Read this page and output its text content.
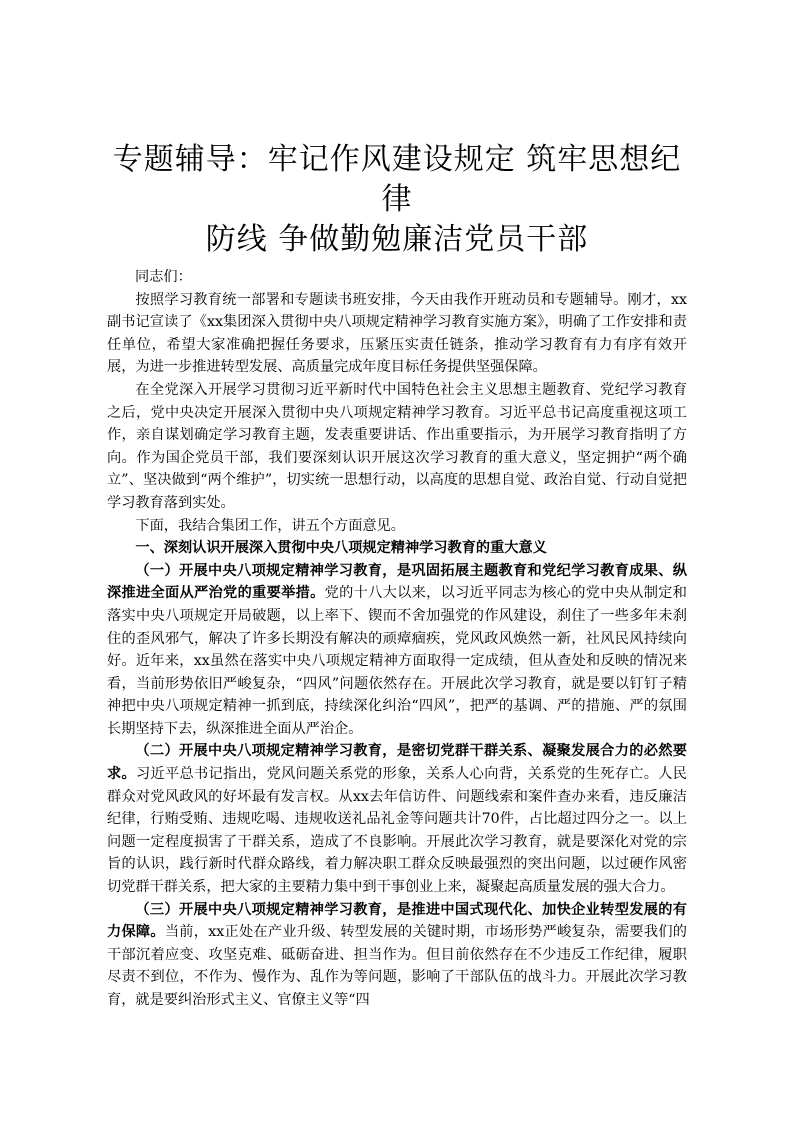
专题辅导：牢记作风建设规定 筑牢思想纪律
防线 争做勤勉廉洁党员干部

同志们：

按照学习教育统一部署和专题读书班安排，今天由我作开班动员和专题辅导。刚才，xx副书记宣读了《xx集团深入贯彻中央八项规定精神学习教育实施方案》，明确了工作安排和责任单位，希望大家准确把握任务要求，压紧压实责任链条，推动学习教育有力有序有效开展，为进一步推进转型发展、高质量完成年度目标任务提供坚强保障。

在全党深入开展学习贯彻习近平新时代中国特色社会主义思想主题教育、党纪学习教育之后，党中央决定开展深入贯彻中央八项规定精神学习教育。习近平总书记高度重视这项工作，亲自谋划确定学习教育主题，发表重要讲话、作出重要指示，为开展学习教育指明了方向。作为国企党员干部，我们要深刻认识开展这次学习教育的重大意义，坚定拥护“两个确立”、坚决做到“两个维护”，切实统一思想行动，以高度的思想自觉、政治自觉、行动自觉把学习教育落到实处。

下面，我结合集团工作，讲五个方面意见。

一、深刻认识开展深入贯彻中央八项规定精神学习教育的重大意义

（一）开展中央八项规定精神学习教育，是巩固拓展主题教育和党纪学习教育成果、纵深推进全面从严治党的重要举措。党的十八大以来，以习近平同志为核心的党中央从制定和落实中央八项规定开局破题，以上率下、锲而不舍加强党的作风建设，刹住了一些多年未刹住的歪风邪气，解决了许多长期没有解决的顽瘴痼疾，党风政风焕然一新，社风民风持续向好。近年来，xx虽然在落实中央八项规定精神方面取得一定成绩，但从查处和反映的情况来看，当前形势依旧严峻复杂，“四风”问题依然存在。开展此次学习教育，就是要以钉钉子精神把中央八项规定精神一抓到底，持续深化纠治“四风”，把严的基调、严的措施、严的氛围长期坚持下去，纵深推进全面从严治企。

（二）开展中央八项规定精神学习教育，是密切党群干群关系、凝聚发展合力的必然要求。习近平总书记指出，党风问题关系党的形象，关系人心向背，关系党的生死存亡。人民群众对党风政风的好坏最有发言权。从xx去年信访件、问题线索和案件查办来看，违反廉洁纪律，行贿受贿、违规吃喝、违规收送礼品礼金等问题共计70件，占比超过四分之一。以上问题一定程度损害了干群关系，造成了不良影响。开展此次学习教育，就是要深化对党的宗旨的认识，践行新时代群众路线，着力解决职工群众反映最强烈的突出问题，以过硬作风密切党群干群关系，把大家的主要精力集中到干事创业上来，凝聚起高质量发展的强大合力。

（三）开展中央八项规定精神学习教育，是推进中国式现代化、加快企业转型发展的有力保障。当前，xx正处在产业升级、转型发展的关键时期，市场形势严峻复杂，需要我们的干部沉着应变、攻坚克难、砥砺奋进、担当作为。但目前依然存在不少违反工作纪律，履职尽责不到位，不作为、慢作为、乱作为等问题，影响了干部队伍的战斗力。开展此次学习教育，就是要纠治形式主义、官僚主义等“四
